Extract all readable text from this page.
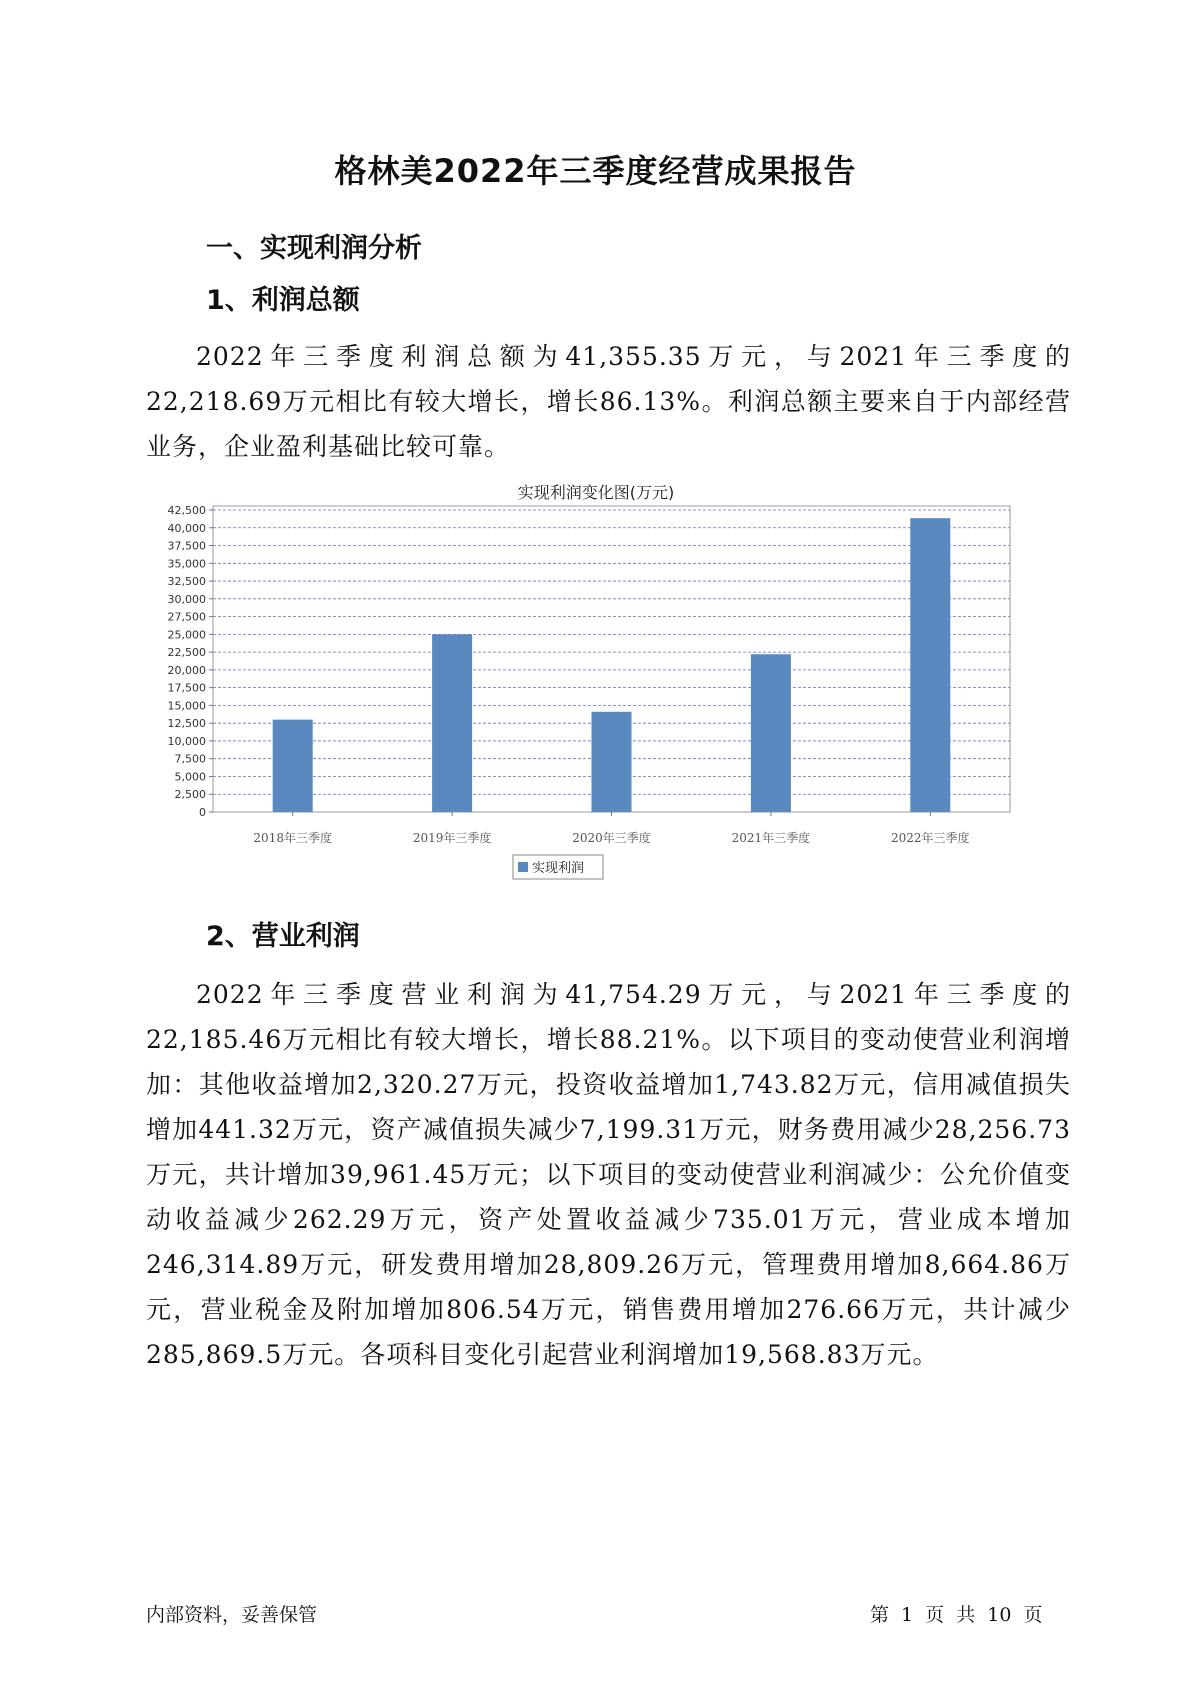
格林美2022年三季度经营成果报告
一、实现利润分析
1、利润总额
2022年三季度利润总额为41,355.35万元，与2021年三季度的22,218.69万元相比有较大增长，增长86.13%。利润总额主要来自于内部经营业务，企业盈利基础比较可靠。
实现利润变化图(万元)
0
2,500
5,000
7,500
10,000
12,500
15,000
17,500
20,000
22,500
25,000
27,500
30,000
32,500
35,000
37,500
40,000
42,500
2018年三季度	2019年三季度	2020年三季度	2021年三季度	2022年三季度
实现利润
2、营业利润
2022年三季度营业利润为41,754.29万元，与2021年三季度的22,185.46万元相比有较大增长，增长88.21%。以下项目的变动使营业利润增加：其他收益增加2,320.27万元，投资收益增加1,743.82万元，信用减值损失增加441.32万元，资产减值损失减少7,199.31万元，财务费用减少28,256.73万元，共计增加39,961.45万元；以下项目的变动使营业利润减少：公允价值变动收益减少262.29万元，资产处置收益减少735.01万元，营业成本增加246,314.89万元，研发费用增加28,809.26万元，管理费用增加8,664.86万元，营业税金及附加增加806.54万元，销售费用增加276.66万元，共计减少285,869.5万元。各项科目变化引起营业利润增加19,568.83万元。
内部资料，妥善保管	第 1 页 共 10 页
